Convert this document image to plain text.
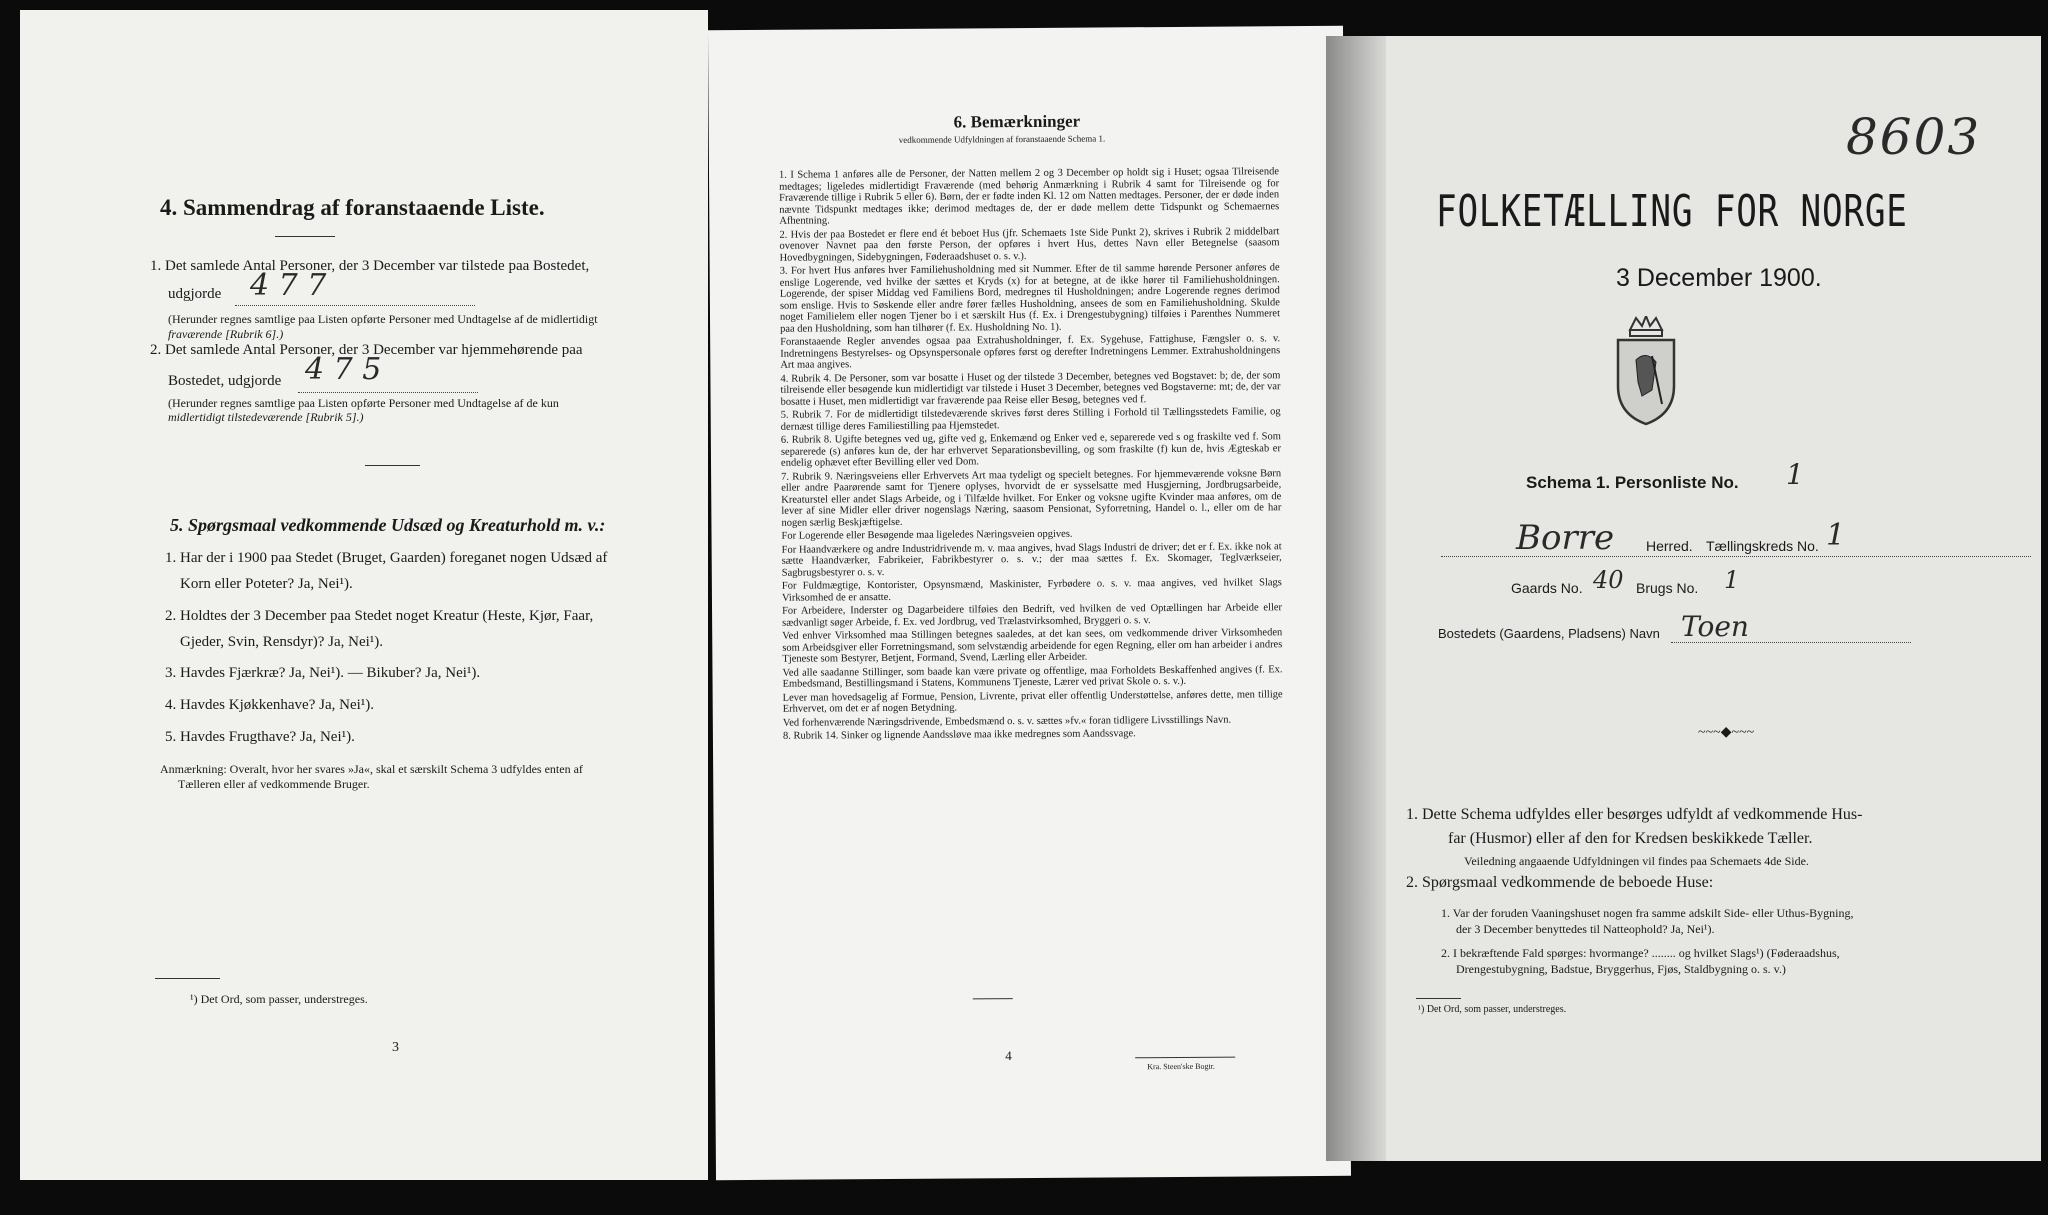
4. Sammendrag af foranstaaende Liste.
1. Det samlede Antal Personer, der 3 December var tilstede paa Bostedet,
udgjorde 4 7 7
(Herunder regnes samtlige paa Listen opførte Personer med Undtagelse af de midlertidigt
fraværende [Rubrik 6].)
2. Det samlede Antal Personer, der 3 December var hjemmehørende paa
Bostedet, udgjorde 4 7 5
(Herunder regnes samtlige paa Listen opførte Personer med Undtagelse af de kun
midlertidigt tilstedeværende [Rubrik 5].)
5. Spørgsmaal vedkommende Udsæd og Kreaturhold m. v.:
1. Har der i 1900 paa Stedet (Bruget, Gaarden) foreganet nogen Udsæd af
Korn eller Poteter? Ja, Nei¹).
2. Holdtes der 3 December paa Stedet noget Kreatur (Heste, Kjør, Faar,
Gjeder, Svin, Rensdyr)? Ja, Nei¹).
3. Havdes Fjærkræ? Ja, Nei¹). — Bikuber? Ja, Nei¹).
4. Havdes Kjøkkenhave? Ja, Nei¹).
5. Havdes Frugthave? Ja, Nei¹).
Anmærkning: Overalt, hvor her svares »Ja«, skal et særskilt Schema 3 udfyldes enten af
Tælleren eller af vedkommende Bruger.
¹) Det Ord, som passer, understreges.
3
6. Bemærkninger
vedkommende Udfyldningen af foranstaaende Schema 1.

1. I Schema 1 anføres alle de Personer, der Natten mellem 2 og 3 December op holdt sig i Huset; ogsaa Tilreisende medtages; ligeledes midlertidigt Fraværende (med behørig Anmærkning i Rubrik 4 samt for Tilreisende og for Fraværende tillige i Rubrik 5 eller 6). Børn, der er fødte inden Kl. 12 om Natten medtages. Personer, der er døde inden nævnte Tidspunkt medtages ikke; derimod medtages de, der er døde mellem dette Tidspunkt og Schemaernes Afhentning.

2. Hvis der paa Bostedet er flere end ét beboet Hus (jfr. Schemaets 1ste Side Punkt 2), skrives i Rubrik 2 middelbart ovenover Navnet paa den første Person, der opføres i hvert Hus, dettes Navn eller Betegnelse (saasom Hovedbygningen, Sidebygningen, Føderaadshuset o. s. v.).

3. For hvert Hus anføres hver Familiehusholdning med sit Nummer. Efter de til samme hørende Personer anføres de enslige Logerende, ved hvilke der sættes et Kryds (x) for at betegne, at de ikke hører til Familiehusholdningen. Logerende, der spiser Middag ved Familiens Bord, medregnes til Husholdningen; andre Logerende regnes derimod som enslige. Hvis to Søskende eller andre fører fælles Husholdning, ansees de som en Familiehusholdning. Skulde noget Familielem eller nogen Tjener bo i et særskilt Hus (f. Ex. i Drengestubygning) tilføies i Parenthes Nummeret paa den Husholdning, som han tilhører (f. Ex. Husholdning No. 1).

Foranstaaende Regler anvendes ogsaa paa Extrahusholdninger, f. Ex. Sygehuse, Fattighuse, Fængsler o. s. v. Indretningens Bestyrelses- og Opsynspersonale opføres først og derefter Indretningens Lemmer. Extrahusholdningens Art maa angives.

4. Rubrik 4. De Personer, som var bosatte i Huset og der tilstede 3 December, betegnes ved Bogstavet: b; de, der som tilreisende eller besøgende kun midlertidigt var tilstede i Huset 3 December, betegnes ved Bogstaverne: mt; de, der var bosatte i Huset, men midlertidigt var fraværende paa Reise eller Besøg, betegnes ved f.

5. Rubrik 7. For de midlertidigt tilstedeværende skrives først deres Stilling i Forhold til Tællingsstedets Familie, og dernæst tillige deres Familiestilling paa Hjemstedet.

6. Rubrik 8. Ugifte betegnes ved ug, gifte ved g, Enkemænd og Enker ved e, separerede ved s og fraskilte ved f. Som separerede (s) anføres kun de, der har erhvervet Separationsbevilling, og som fraskilte (f) kun de, hvis Ægteskab er endelig ophævet efter Bevilling eller ved Dom.

7. Rubrik 9. Næringsveiens eller Erhvervets Art maa tydeligt og specielt betegnes. For hjemmeværende voksne Børn eller andre Paarørende samt for Tjenere oplyses, hvorvidt de er sysselsatte med Husgjerning, Jordbrugsarbeide, Kreaturstel eller andet Slags Arbeide, og i Tilfælde hvilket. For Enker og voksne ugifte Kvinder maa anføres, om de lever af sine Midler eller driver nogenslags Næring, saasom Pensionat, Syforretning, Handel o. l., eller om de har nogen særlig Beskjæftigelse.

For Logerende eller Besøgende maa ligeledes Næringsveien opgives.

For Haandværkere og andre Industridrivende m. v. maa angives, hvad Slags Industri de driver; det er f. Ex. ikke nok at sætte Haandværker, Fabrikeier, Fabrikbestyrer o. s. v.; der maa sættes f. Ex. Skomager, Teglværkseier, Sagbrugsbestyrer o. s. v.

For Fuldmægtige, Kontorister, Opsynsmænd, Maskinister, Fyrbødere o. s. v. maa angives, ved hvilket Slags Virksomhed de er ansatte.

For Arbeidere, Inderster og Dagarbeidere tilføies den Bedrift, ved hvilken de ved Optællingen har Arbeide eller sædvanligt søger Arbeide, f. Ex. ved Jordbrug, ved Trælastvirksomhed, Bryggeri o. s. v.

Ved enhver Virksomhed maa Stillingen betegnes saaledes, at det kan sees, om vedkommende driver Virksomheden som Arbeidsgiver eller Forretningsmand, som selvstændig arbeidende for egen Regning, eller om han arbeider i andres Tjeneste som Bestyrer, Betjent, Formand, Svend, Lærling eller Arbeider.

Ved alle saadanne Stillinger, som baade kan være private og offentlige, maa Forholdets Beskaffenhed angives (f. Ex. Embedsmand, Bestillingsmand i Statens, Kommunens Tjeneste, Lærer ved privat Skole o. s. v.).

Lever man hovedsagelig af Formue, Pension, Livrente, privat eller offentlig Understøttelse, anføres dette, men tillige Erhvervet, om det er af nogen Betydning.

Ved forhenværende Næringsdrivende, Embedsmænd o. s. v. sættes »fv.« foran tidligere Livsstillings Navn.

8. Rubrik 14. Sinker og lignende Aandssløve maa ikke medregnes som Aandssvage.

4
Kra. Steen'ske Bogtr.
8603
FOLKETÆLLING FOR NORGE
3 December 1900.
Schema 1. Personliste No. 1
Borre Herred. Tællingskreds No. 1
Gaards No. 40 Brugs No. 1
Bostedets (Gaardens, Pladsens) Navn Toen
~~~◆~~~
1. Dette Schema udfyldes eller besørges udfyldt af vedkommende Hus-
far (Husmor) eller af den for Kredsen beskikkede Tæller.
Veiledning angaaende Udfyldningen vil findes paa Schemaets 4de Side.
2. Spørgsmaal vedkommende de beboede Huse:
1. Var der foruden Vaaningshuset nogen fra samme adskilt Side- eller Uthus-Bygning,
der 3 December benyttedes til Natteophold? Ja, Nei¹).
2. I bekræftende Fald spørges: hvormange? ........ og hvilket Slags¹) (Føderaadshus,
Drengestubygning, Badstue, Bryggerhus, Fjøs, Staldbygning o. s. v.)
¹) Det Ord, som passer, understreges.
